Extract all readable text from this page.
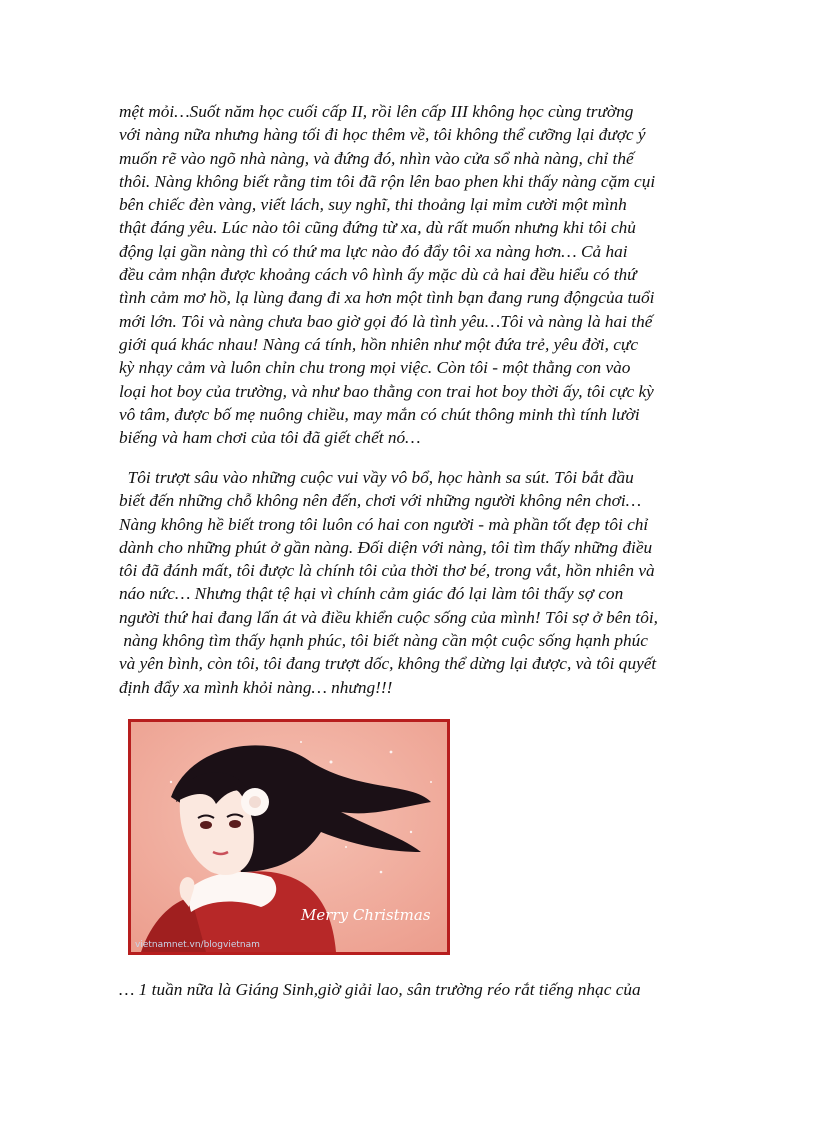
mệt mỏi…Suốt năm học cuối cấp II, rồi lên cấp III không học cùng trường
với nàng nữa nhưng hàng tối đi học thêm về, tôi không thể cưỡng lại được ý
muốn rẽ vào ngõ nhà nàng, và đứng đó, nhìn vào cửa sổ nhà nàng, chỉ thế
thôi. Nàng không biết rằng tim tôi đã rộn lên bao phen khi thấy nàng cặm cụi
bên chiếc đèn vàng, viết lách, suy nghĩ, thi thoảng lại mỉm cười một mình
thật đáng yêu. Lúc nào tôi cũng đứng từ xa, dù rất muốn nhưng khi tôi chủ
động lại gần nàng thì có thứ ma lực nào đó đẩy tôi xa nàng hơn… Cả hai
đều cảm nhận được khoảng cách vô hình ấy mặc dù cả hai đều hiểu có thứ
tình cảm mơ hồ, lạ lùng đang đi xa hơn một tình bạn đang rung độngcủa tuổi
mới lớn. Tôi và nàng chưa bao giờ gọi đó là tình yêu…Tôi và nàng là hai thế
giới quá khác nhau! Nàng cá tính, hồn nhiên như một đứa trẻ, yêu đời, cực
kỳ nhạy cảm và luôn chỉn chu trong mọi việc. Còn tôi - một thằng con vào
loại hot boy của trường, và như bao thằng con trai hot boy thời ấy, tôi cực kỳ
vô tâm, được bố mẹ nuông chiều, may mắn có chút thông minh thì tính lười
biếng và ham chơi của tôi đã giết chết nó…

Tôi trượt sâu vào những cuộc vui vầy vô bổ, học hành sa sút. Tôi bắt đầu
biết đến những chỗ không nên đến, chơi với những người không nên chơi…
Nàng không hề biết trong tôi luôn có hai con người - mà phần tốt đẹp tôi chỉ
dành cho những phút ở gần nàng. Đối diện với nàng, tôi tìm thấy những điều
tôi đã đánh mất, tôi được là chính tôi của thời thơ bé, trong vắt, hồn nhiên và
náo nức… Nhưng thật tệ hại vì chính cảm giác đó lại làm tôi thấy sợ con
người thứ hai đang lấn át và điều khiển cuộc sống của mình! Tôi sợ ở bên tôi,
nàng không tìm thấy hạnh phúc, tôi biết nàng cần một cuộc sống hạnh phúc
và yên bình, còn tôi, tôi đang trượt dốc, không thể dừng lại được, và tôi quyết
định đẩy xa mình khỏi nàng… nhưng!!!

Merry Christmas
vietnamnet.vn/blogvietnam

… 1 tuần nữa là Giáng Sinh,giờ giải lao, sân trường réo rắt tiếng nhạc của
